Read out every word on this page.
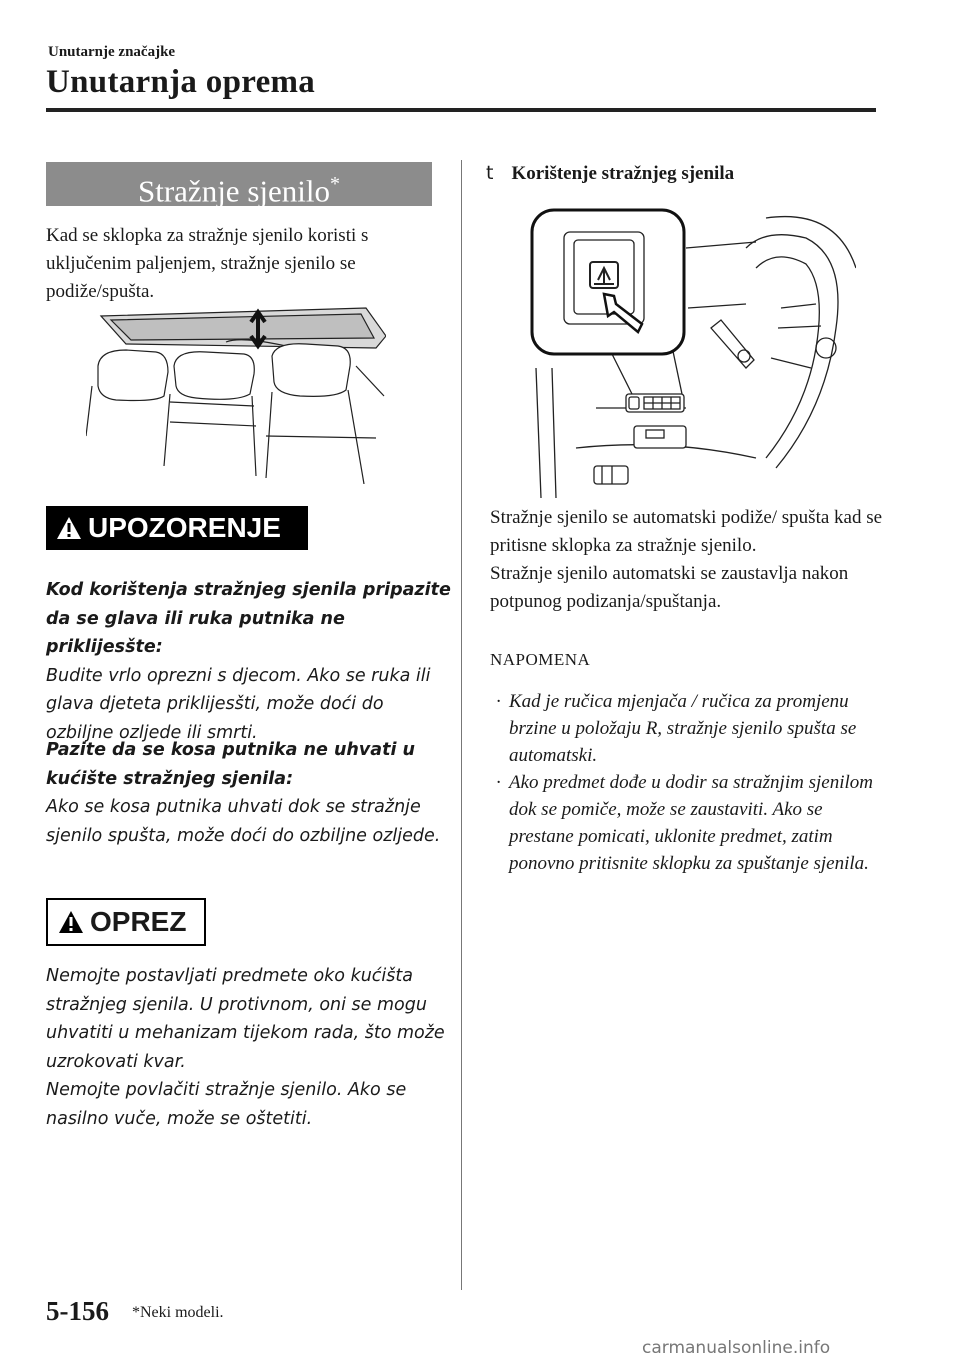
Unutarnje značajke
Unutarnja oprema
Stražnje sjenilo*
Kad se sklopka za stražnje sjenilo koristi s uključenim paljenjem, stražnje sjenilo se podiže/spušta.
UPOZORENJE
Kod korištenja stražnjeg sjenila pripazite da se glava ili ruka putnika ne priklijesšte:
Budite vrlo oprezni s djecom. Ako se ruka ili glava djeteta priklijesšti, može doći do ozbiljne ozljede ili smrti.
Pazite da se kosa putnika ne uhvati u kućište stražnjeg sjenila:
Ako se kosa putnika uhvati dok se stražnje sjenilo spušta, može doći do ozbiljne ozljede.
OPREZ
Nemojte postavljati predmete oko kućišta stražnjeg sjenila. U protivnom, oni se mogu uhvatiti u mehanizam tijekom rada, što može uzrokovati kvar.
Nemojte povlačiti stražnje sjenilo. Ako se nasilno vuče, može se oštetiti.
t Korištenje stražnjeg sjenila
Stražnje sjenilo se automatski podiže/ spušta kad se pritisne sklopka za stražnje sjenilo.
Stražnje sjenilo automatski se zaustavlja nakon potpunog podizanja/spuštanja.
NAPOMENA
· Kad je ručica mjenjača / ručica za promjenu brzine u položaju R, stražnje sjenilo spušta se automatski.
· Ako predmet dođe u dodir sa stražnjim sjenilom dok se pomiče, može se zaustaviti. Ako se prestane pomicati, uklonite predmet, zatim ponovno pritisnite sklopku za spuštanje sjenila.
5-156 *Neki modeli.
carmanualsonline.info
